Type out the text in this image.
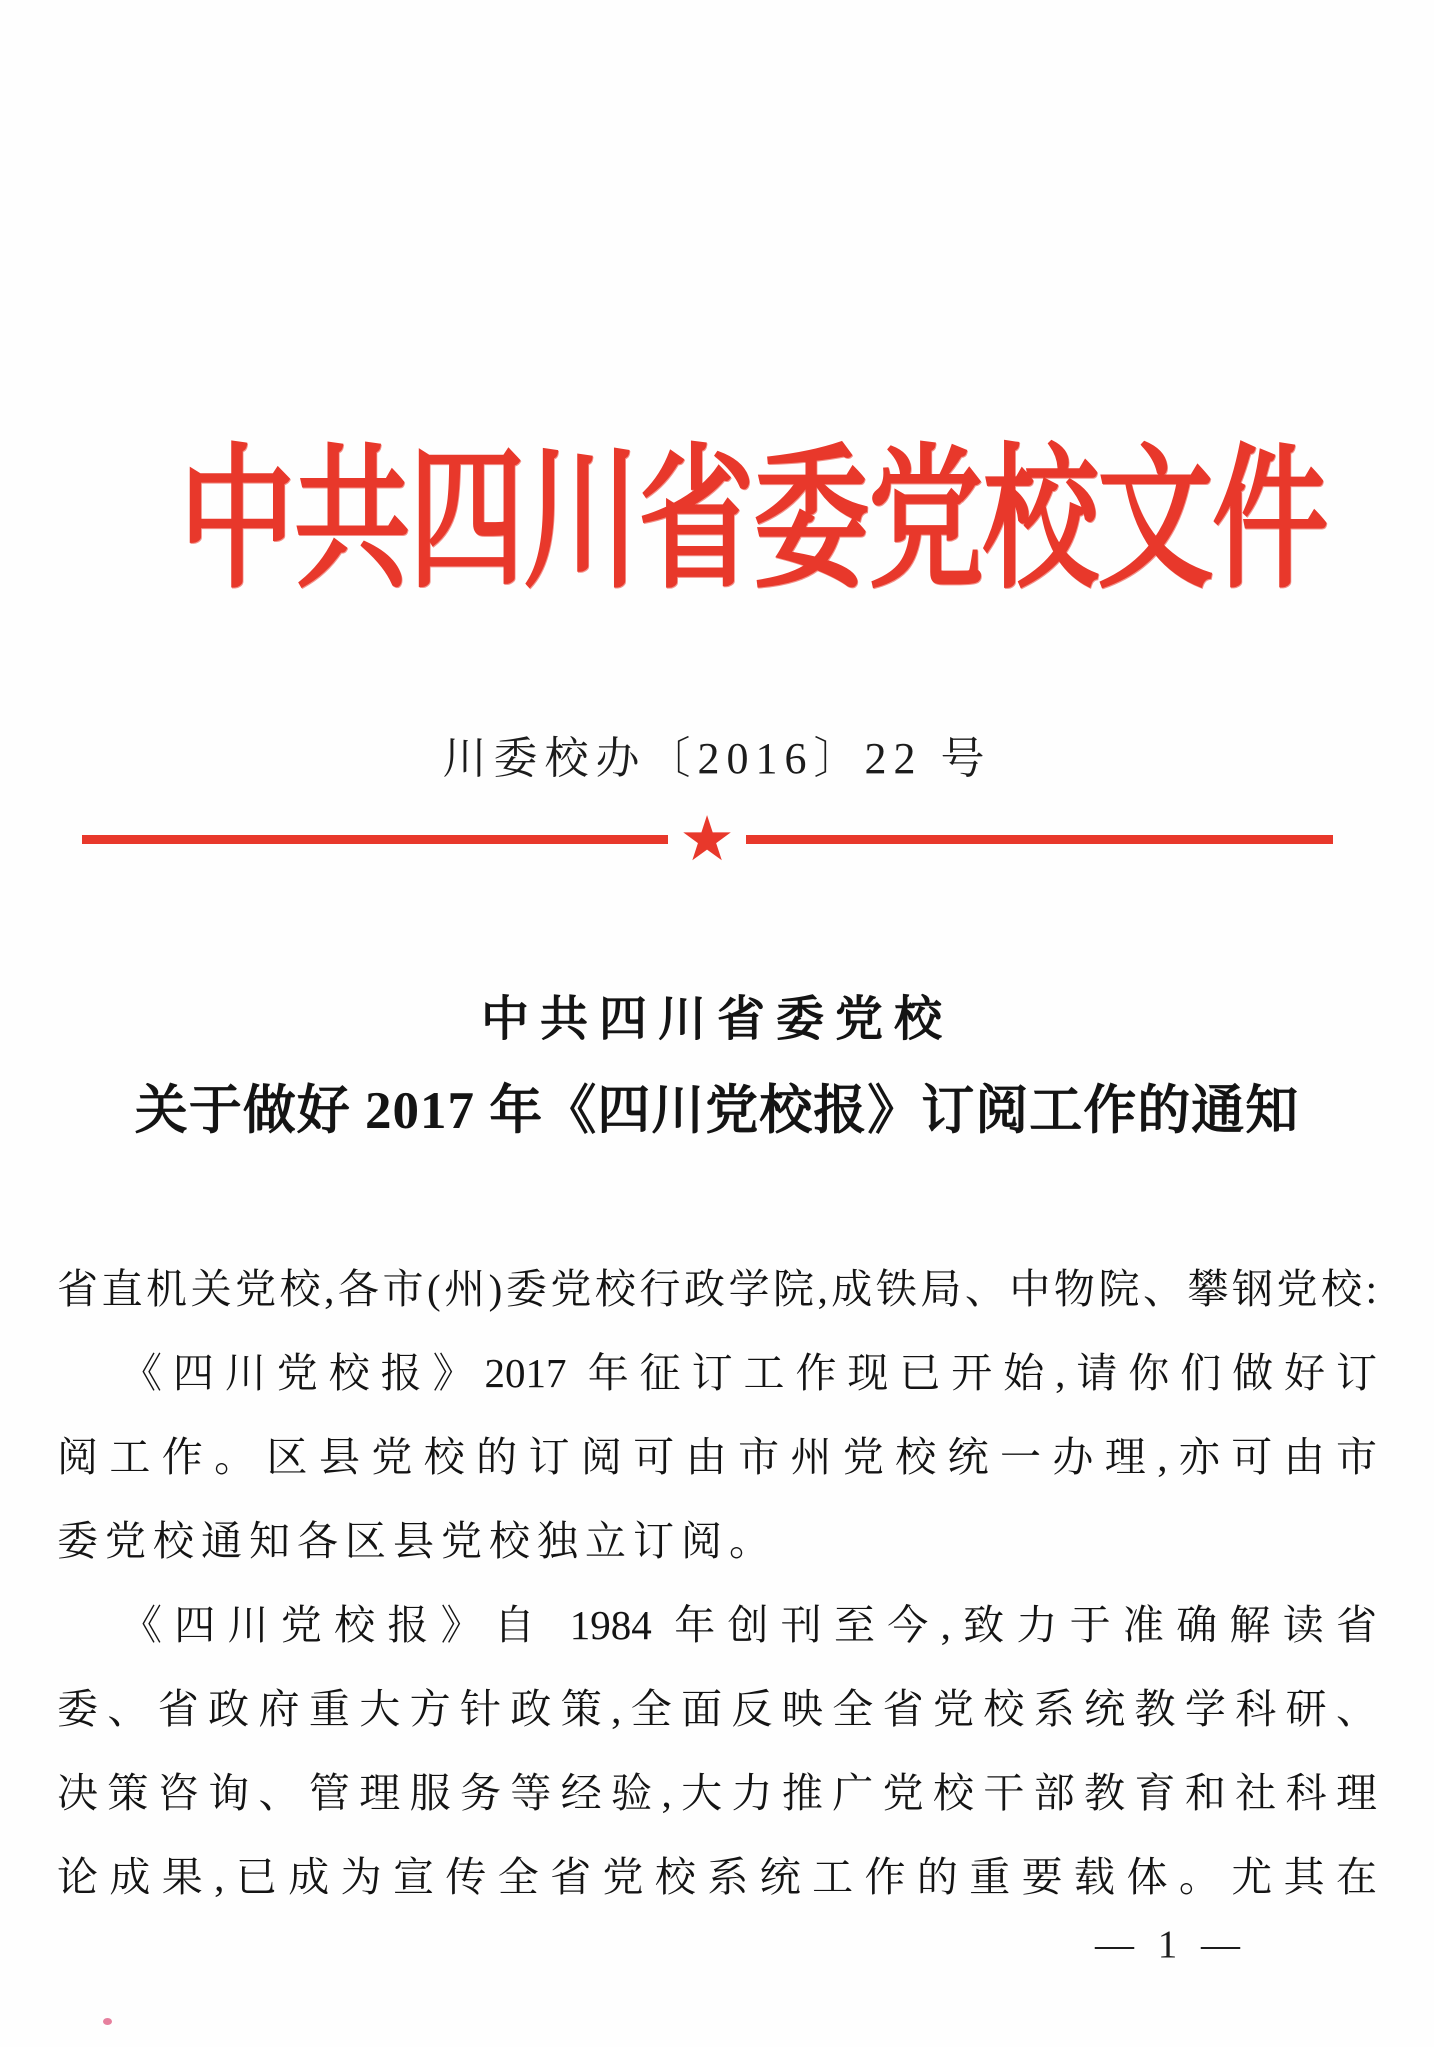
中共四川省委党校文件
川委校办〔2016〕22 号
★
中共四川省委党校
关于做好 2017 年《四川党校报》订阅工作的通知

省直机关党校,各市(州)委党校行政学院,成铁局、中物院、攀钢党校:

《四川党校报》2017 年征订工作现已开始,请你们做好订

阅工作。区县党校的订阅可由市州党校统一办理,亦可由市

委党校通知各区县党校独立订阅。

《四川党校报》自 1984 年创刊至今,致力于准确解读省

委、省政府重大方针政策,全面反映全省党校系统教学科研、

决策咨询、管理服务等经验,大力推广党校干部教育和社科理

论成果,已成为宣传全省党校系统工作的重要载体。尤其在

— 1 —
